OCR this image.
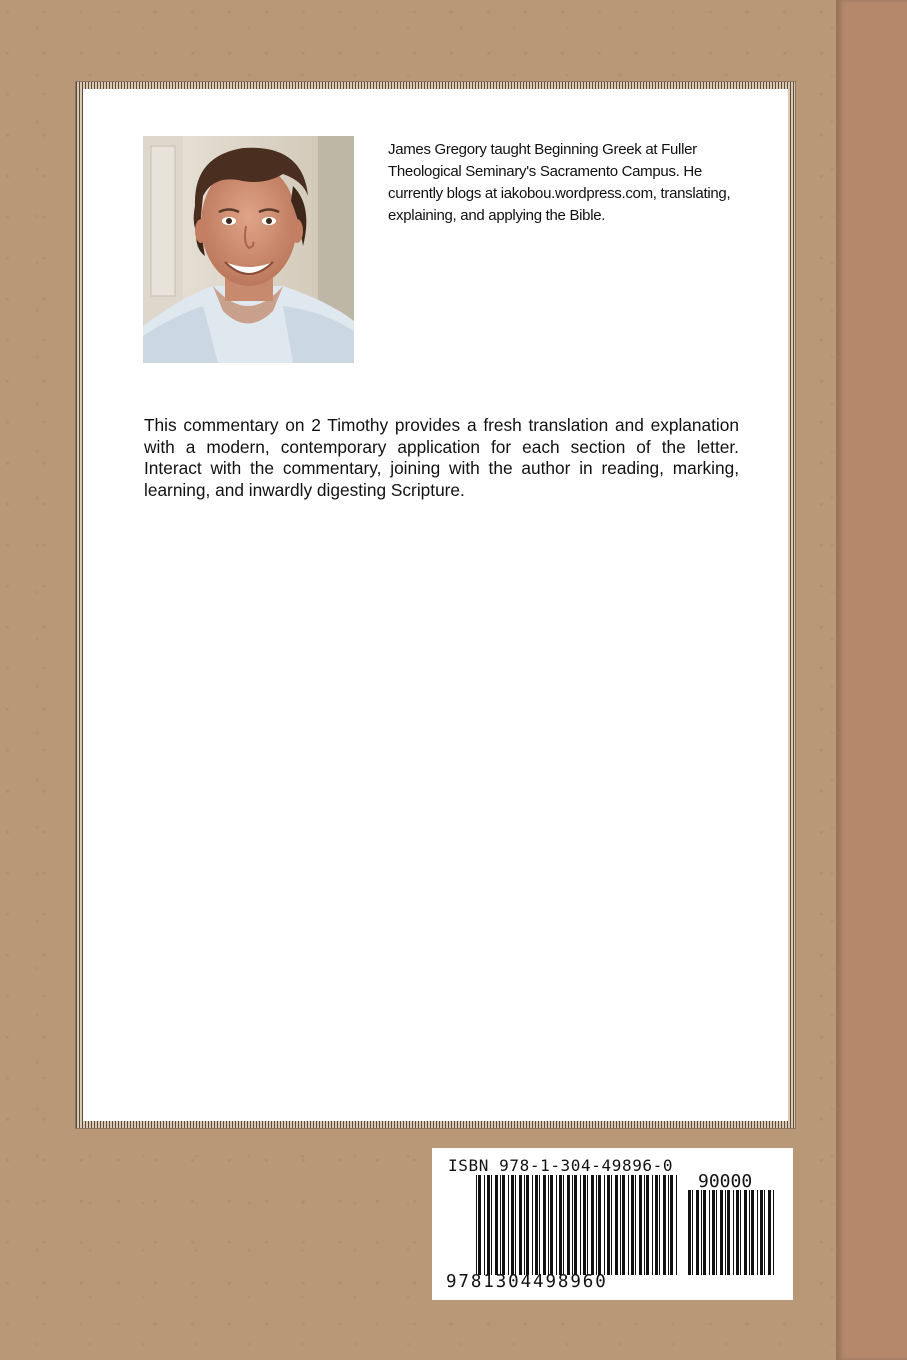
James Gregory taught Beginning Greek at Fuller Theological Seminary's Sacramento Campus. He currently blogs at iakobou.wordpress.com, translating, explaining, and applying the Bible.
This commentary on 2 Timothy provides a fresh translation and explanation with a modern, contemporary application for each section of the letter. Interact with the commentary, joining with the author in reading, marking, learning, and inwardly digesting Scripture.
ISBN 978-1-304-49896-0
90000
9781304498960
